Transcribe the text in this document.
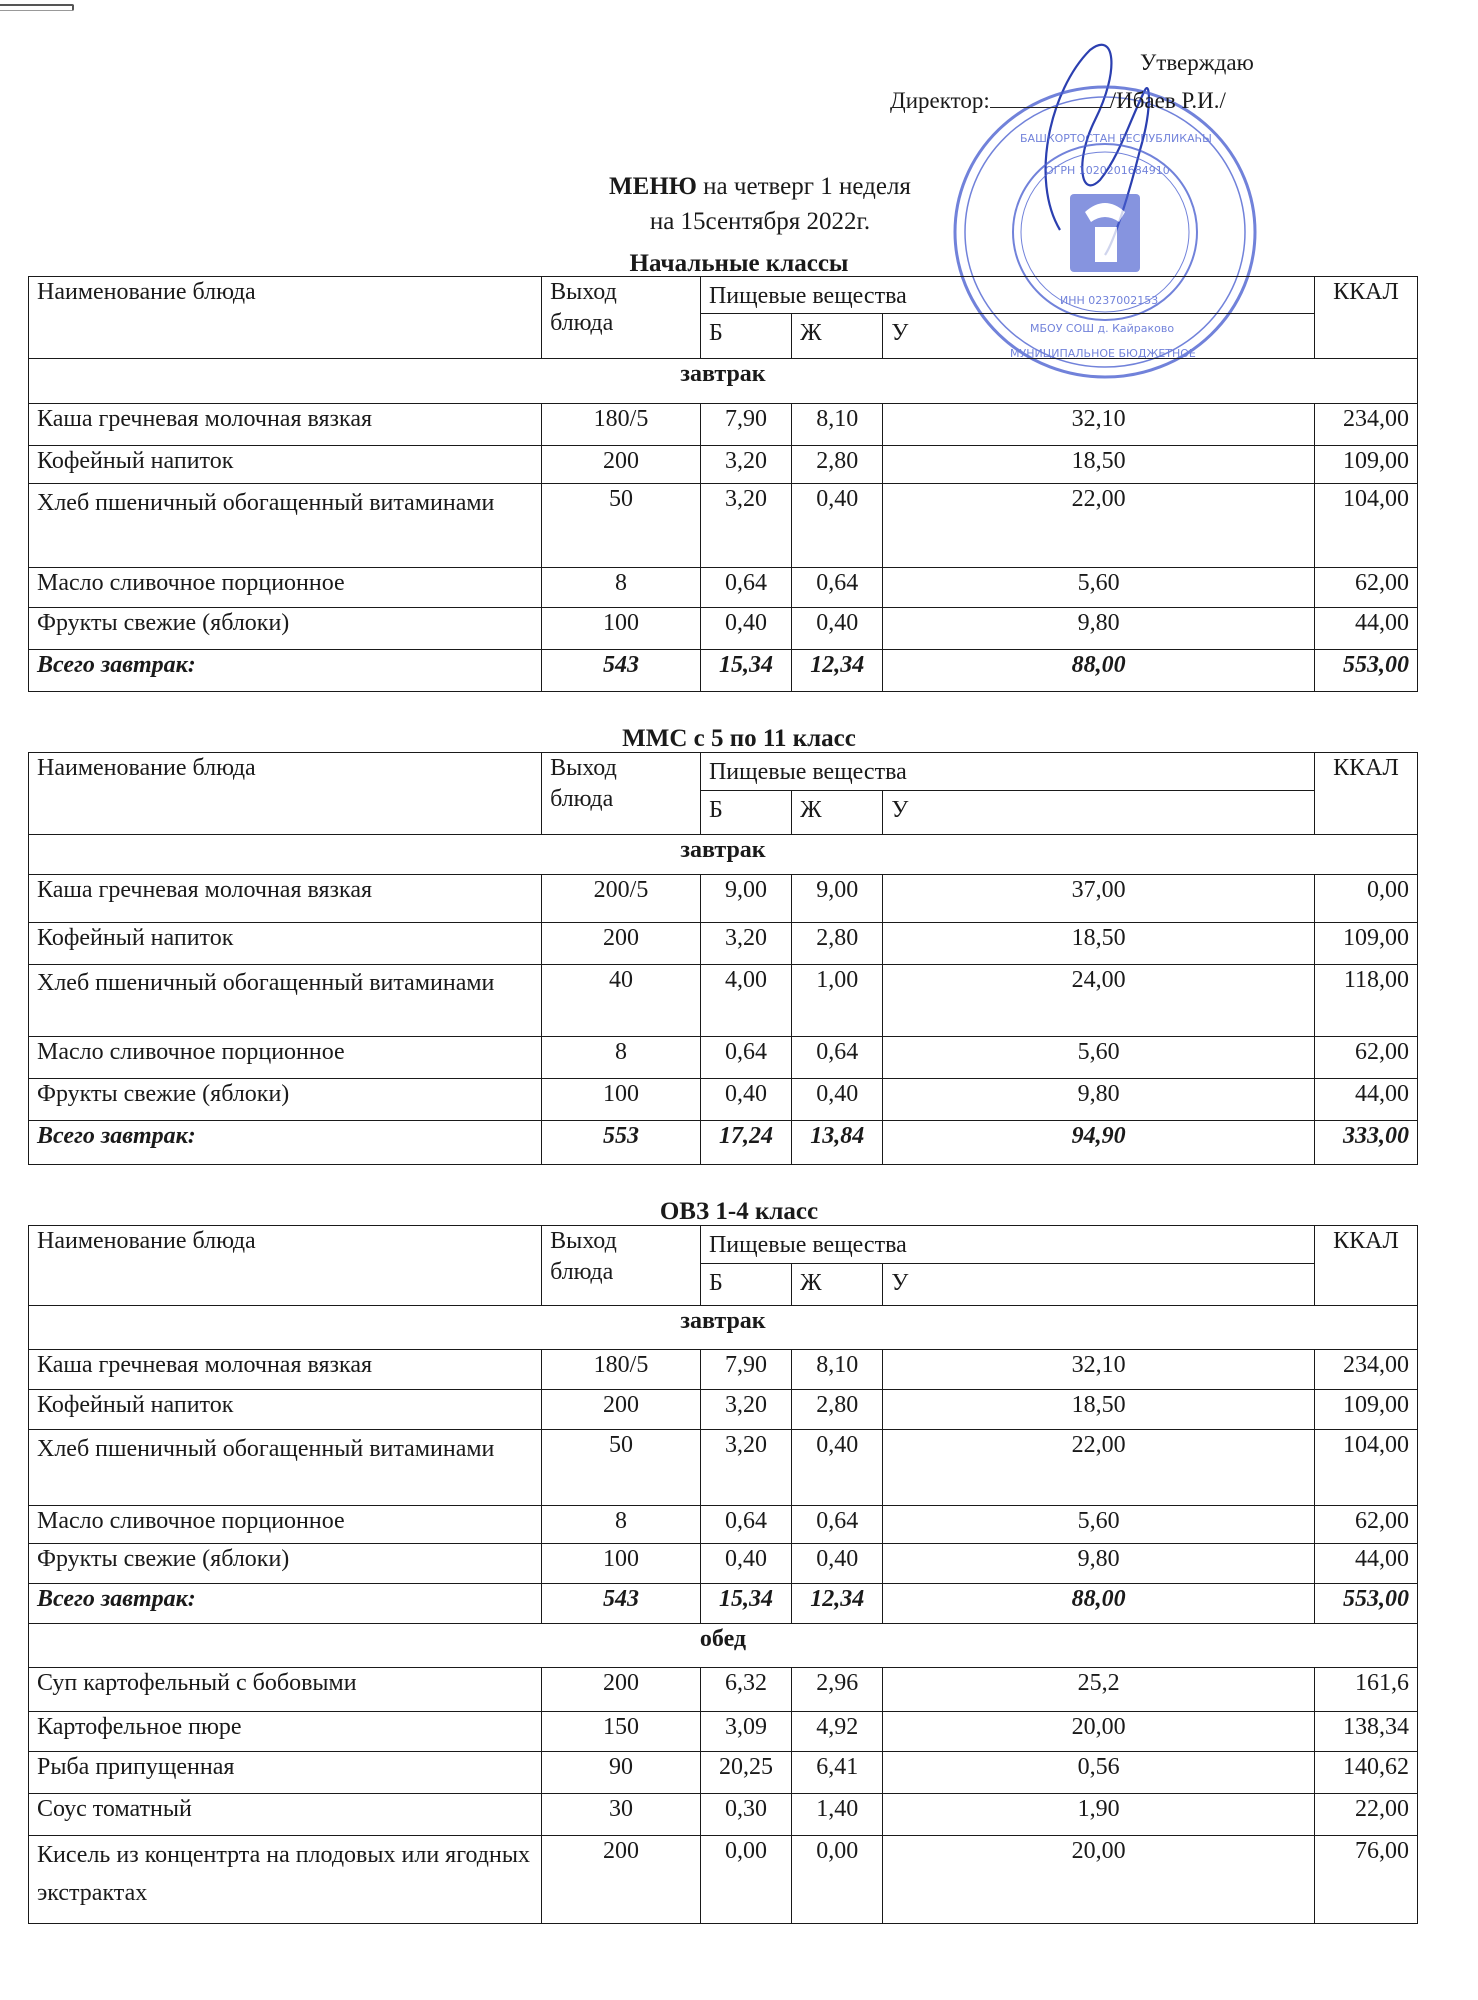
БАШКОРТОСТАН РЕСПУБЛИКАҺЫ
ОГРН 1020201684910
ИНН 0237002153
МБОУ СОШ д. Кайраково
МУНИЦИПАЛЬНОЕ БЮДЖЕТНОЕ
Утверждаю
Директор:	/Ибаев Р.И./
МЕНЮ на четверг 1 неделя
на 15сентября 2022г.
Начальные классы
Наименование блюда	Выход
блюда	Пищевые вещества			ККАЛ
		Б	Ж	У	
завтрак					
Каша гречневая молочная вязкая	180/5	7,90	8,10	32,10	234,00
Кофейный напиток	200	3,20	2,80	18,50	109,00
Хлеб пшеничный обогащенный витаминами	50	3,20	0,40	22,00	104,00
Масло сливочное порционное	8	0,64	0,64	5,60	62,00
Фрукты свежие (яблоки)	100	0,40	0,40	9,80	44,00
Всего завтрак:	543	15,34	12,34	88,00	553,00
ММС с 5 по 11 класс
Наименование блюда	Выход
блюда	Пищевые вещества			ККАЛ
		Б	Ж	У	
завтрак					
Каша гречневая молочная вязкая	200/5	9,00	9,00	37,00	0,00
Кофейный напиток	200	3,20	2,80	18,50	109,00
Хлеб пшеничный обогащенный витаминами	40	4,00	1,00	24,00	118,00
Масло сливочное порционное	8	0,64	0,64	5,60	62,00
Фрукты свежие (яблоки)	100	0,40	0,40	9,80	44,00
Всего завтрак:	553	17,24	13,84	94,90	333,00
ОВЗ 1-4 класс
Наименование блюда	Выход
блюда	Пищевые вещества			ККАЛ
		Б	Ж	У	
завтрак					
Каша гречневая молочная вязкая	180/5	7,90	8,10	32,10	234,00
Кофейный напиток	200	3,20	2,80	18,50	109,00
Хлеб пшеничный обогащенный витаминами	50	3,20	0,40	22,00	104,00
Масло сливочное порционное	8	0,64	0,64	5,60	62,00
Фрукты свежие (яблоки)	100	0,40	0,40	9,80	44,00
Всего завтрак:	543	15,34	12,34	88,00	553,00
обед					
Суп картофельный с бобовыми	200	6,32	2,96	25,2	161,6
Картофельное пюре	150	3,09	4,92	20,00	138,34
Рыба припущенная	90	20,25	6,41	0,56	140,62
Соус томатный	30	0,30	1,40	1,90	22,00
Кисель из концентрта на плодовых или ягодных экстрактах	200	0,00	0,00	20,00	76,00
